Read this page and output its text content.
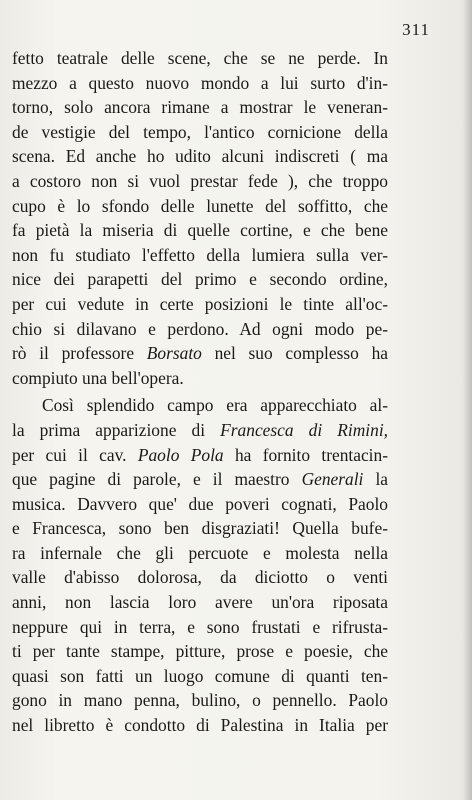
311
fetto teatrale delle scene, che se ne perde. In
mezzo a questo nuovo mondo a lui surto d'in-
torno, solo ancora rimane a mostrar le veneran-
de vestigie del tempo, l'antico cornicione della
scena. Ed anche ho udito alcuni indiscreti ( ma
a costoro non si vuol prestar fede ), che troppo
cupo è lo sfondo delle lunette del soffitto, che
fa pietà la miseria di quelle cortine, e che bene
non fu studiato l'effetto della lumiera sulla ver-
nice dei parapetti del primo e secondo ordine,
per cui vedute in certe posizioni le tinte all'oc-
chio si dilavano e perdono. Ad ogni modo pe-
rò il professore Borsato nel suo complesso ha
compiuto una bell'opera.
Così splendido campo era apparecchiato al-
la prima apparizione di Francesca di Rimini,
per cui il cav. Paolo Pola ha fornito trentacin-
que pagine di parole, e il maestro Generali la
musica. Davvero que' due poveri cognati, Paolo
e Francesca, sono ben disgraziati! Quella bufe-
ra infernale che gli percuote e molesta nella
valle d'abisso dolorosa, da diciotto o venti
anni, non lascia loro avere un'ora riposata
neppure qui in terra, e sono frustati e rifrusta-
ti per tante stampe, pitture, prose e poesie, che
quasi son fatti un luogo comune di quanti ten-
gono in mano penna, bulino, o pennello. Paolo
nel libretto è condotto di Palestina in Italia per
